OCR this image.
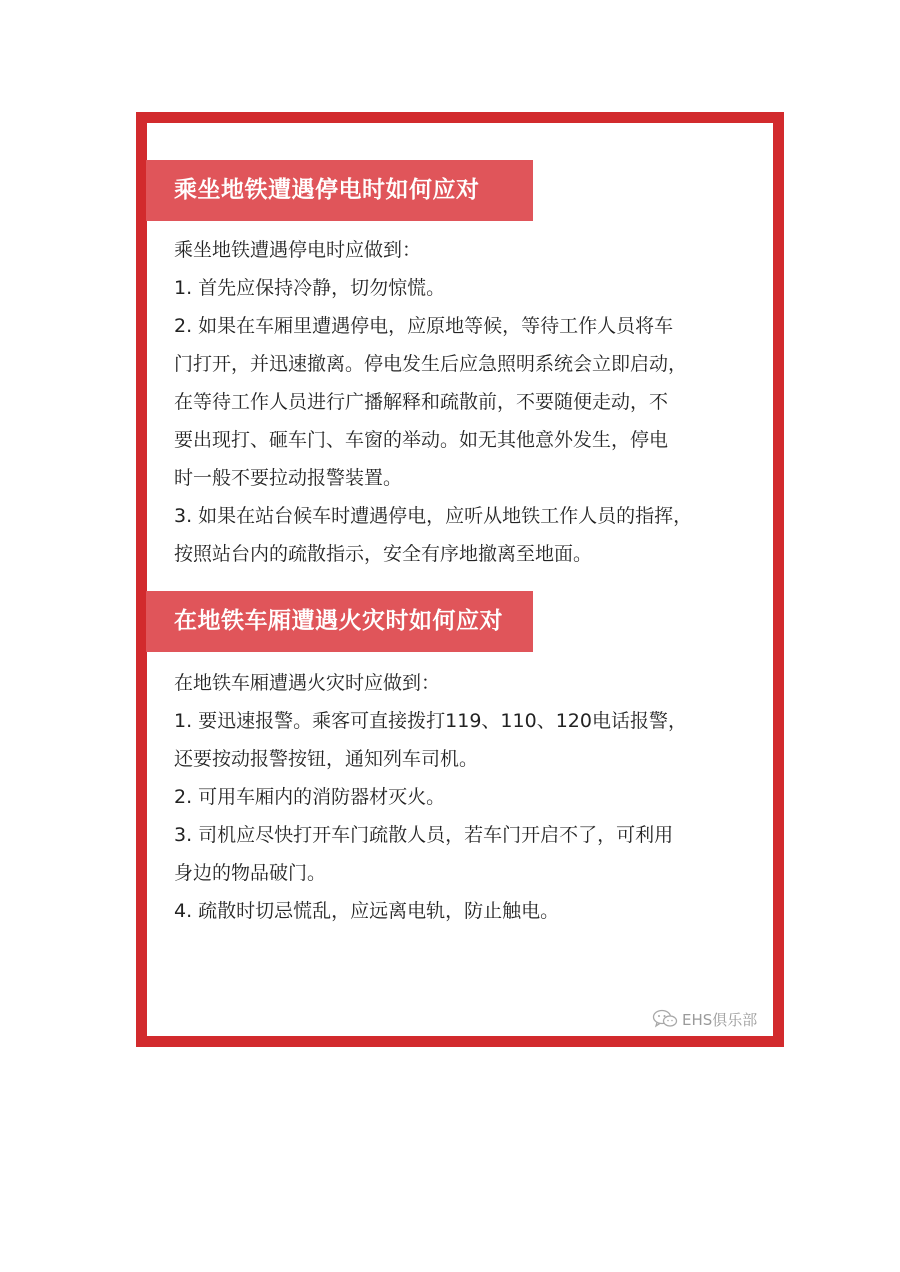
乘坐地铁遭遇停电时如何应对
乘坐地铁遭遇停电时应做到：
1. 首先应保持冷静，切勿惊慌。
2. 如果在车厢里遭遇停电，应原地等候，等待工作人员将车
门打开，并迅速撤离。停电发生后应急照明系统会立即启动，
在等待工作人员进行广播解释和疏散前，不要随便走动，不
要出现打、砸车门、车窗的举动。如无其他意外发生，停电
时一般不要拉动报警装置。
3. 如果在站台候车时遭遇停电，应听从地铁工作人员的指挥，
按照站台内的疏散指示，安全有序地撤离至地面。
在地铁车厢遭遇火灾时如何应对
在地铁车厢遭遇火灾时应做到：
1. 要迅速报警。乘客可直接拨打119、110、120电话报警，
还要按动报警按钮，通知列车司机。
2. 可用车厢内的消防器材灭火。
3. 司机应尽快打开车门疏散人员，若车门开启不了，可利用
身边的物品破门。
4. 疏散时切忌慌乱，应远离电轨，防止触电。
EHS俱乐部
